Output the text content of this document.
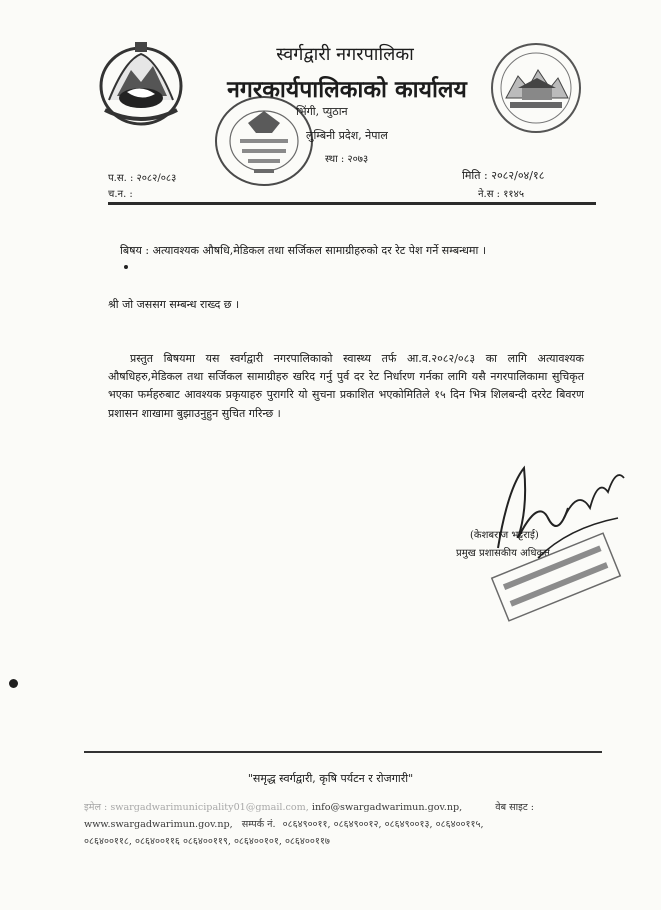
स्वर्गद्वारी नगरपालिका
नगरकार्यपालिकाको कार्यालय
भिंगी, प्युठान
लुम्बिनी प्रदेश, नेपाल
स्था : २०७३
प.स. : २०८२/०८३
च.न. :
मिति : २०८२/०४/१८
ने.स : ११४५
बिषय : अत्यावश्यक औषधि,मेडिकल तथा सर्जिकल सामाग्रीहरुको दर रेट पेश गर्ने सम्बन्धमा ।
श्री जो जससग सम्बन्ध राख्द छ ।
प्रस्तुत बिषयमा यस स्वर्गद्वारी नगरपालिकाको स्वास्थ्य तर्फ आ.व.२०८२/०८३ का लागि अत्यावश्यक औषधिहरु,मेडिकल तथा सर्जिकल सामाग्रीहरु खरिद गर्नु पुर्व दर रेट निर्धारण गर्नका लागि यसै नगरपालिकामा सुचिकृत भएका फर्महरुबाट आवश्यक प्रकृयाहरु पुरागरि यो सुचना प्रकाशित भएकोमितिले १५ दिन भित्र शिलबन्दी दररेट बिवरण प्रशासन शाखामा बुझाउनुहुन सुचित गरिन्छ ।
(केशबराज भट्टराई)
प्रमुख प्रशासकीय अधिकृत
"समृद्ध स्वर्गद्वारी, कृषि पर्यटन र रोजगारी"
इमेल : swargadwarimunicipality01@gmail.com, info@swargadwarimun.gov.np,	वेब साइट :
www.swargadwarimun.gov.np, सम्पर्क नं. ०८६४९००११, ०८६४९००१२, ०८६४९००१३, ०८६४००११५,
०८६४००११८, ०८६४००११६ ०८६४००११९, ०८६४००१०१, ०८६४००११७
